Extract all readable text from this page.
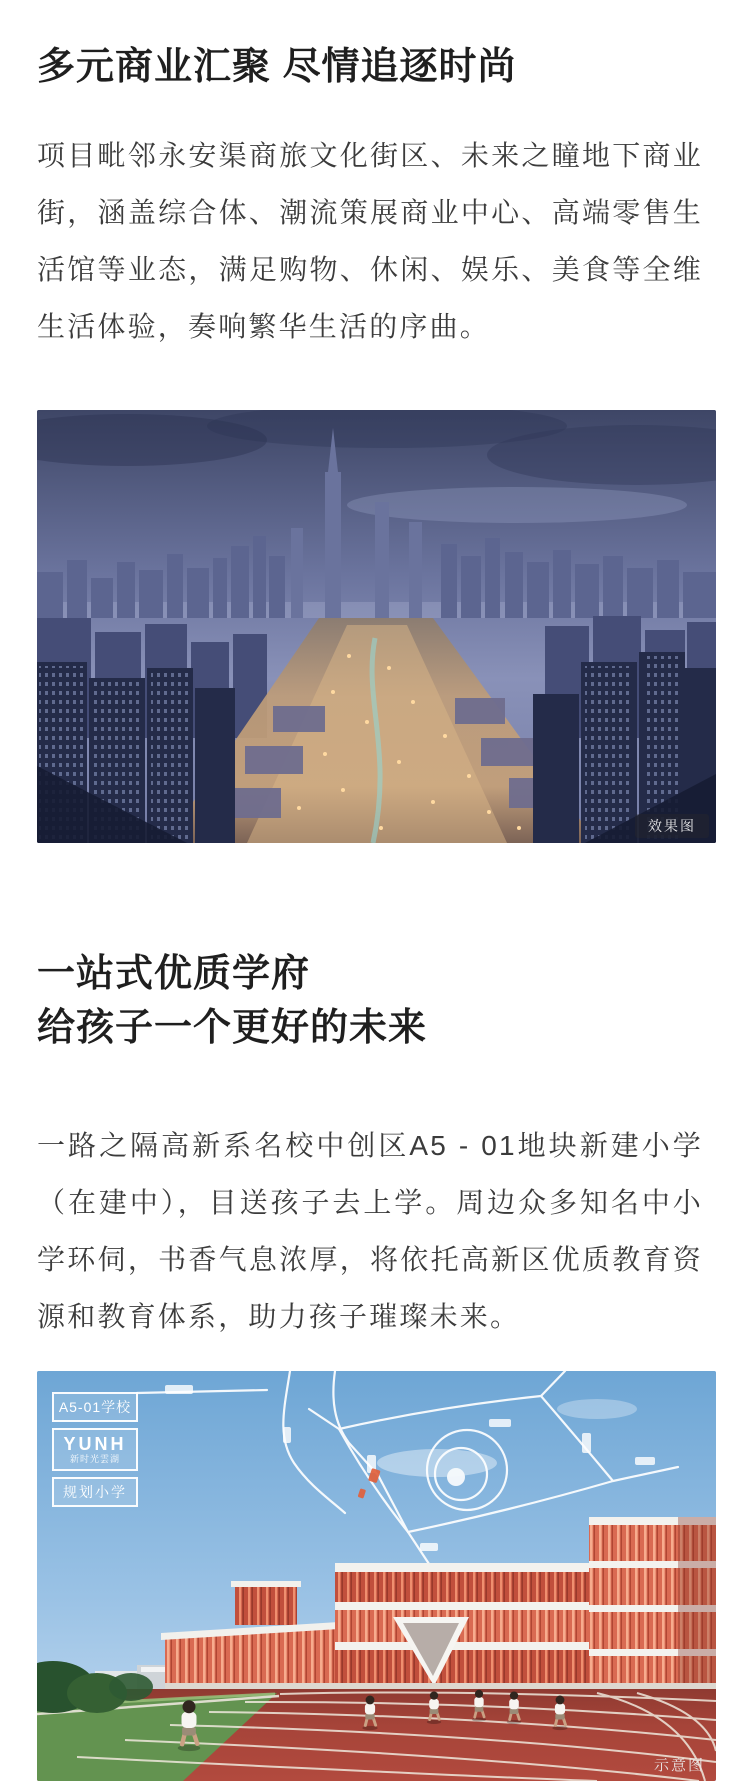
多元商业汇聚 尽情追逐时尚

项目毗邻永安渠商旅文化街区、未来之瞳地下商业街，涵盖综合体、潮流策展商业中心、高端零售生活馆等业态，满足购物、休闲、娱乐、美食等全维生活体验，奏响繁华生活的序曲。

效果图
一站式优质学府
给孩子一个更好的未来

一路之隔高新系名校中创区A5 - 01地块新建小学（在建中），目送孩子去上学。周边众多知名中小学环伺，书香气息浓厚，将依托高新区优质教育资源和教育体系，助力孩子璀璨未来。

示意图
A5-01学校
YUNH
新时光雲湖
规划小学
